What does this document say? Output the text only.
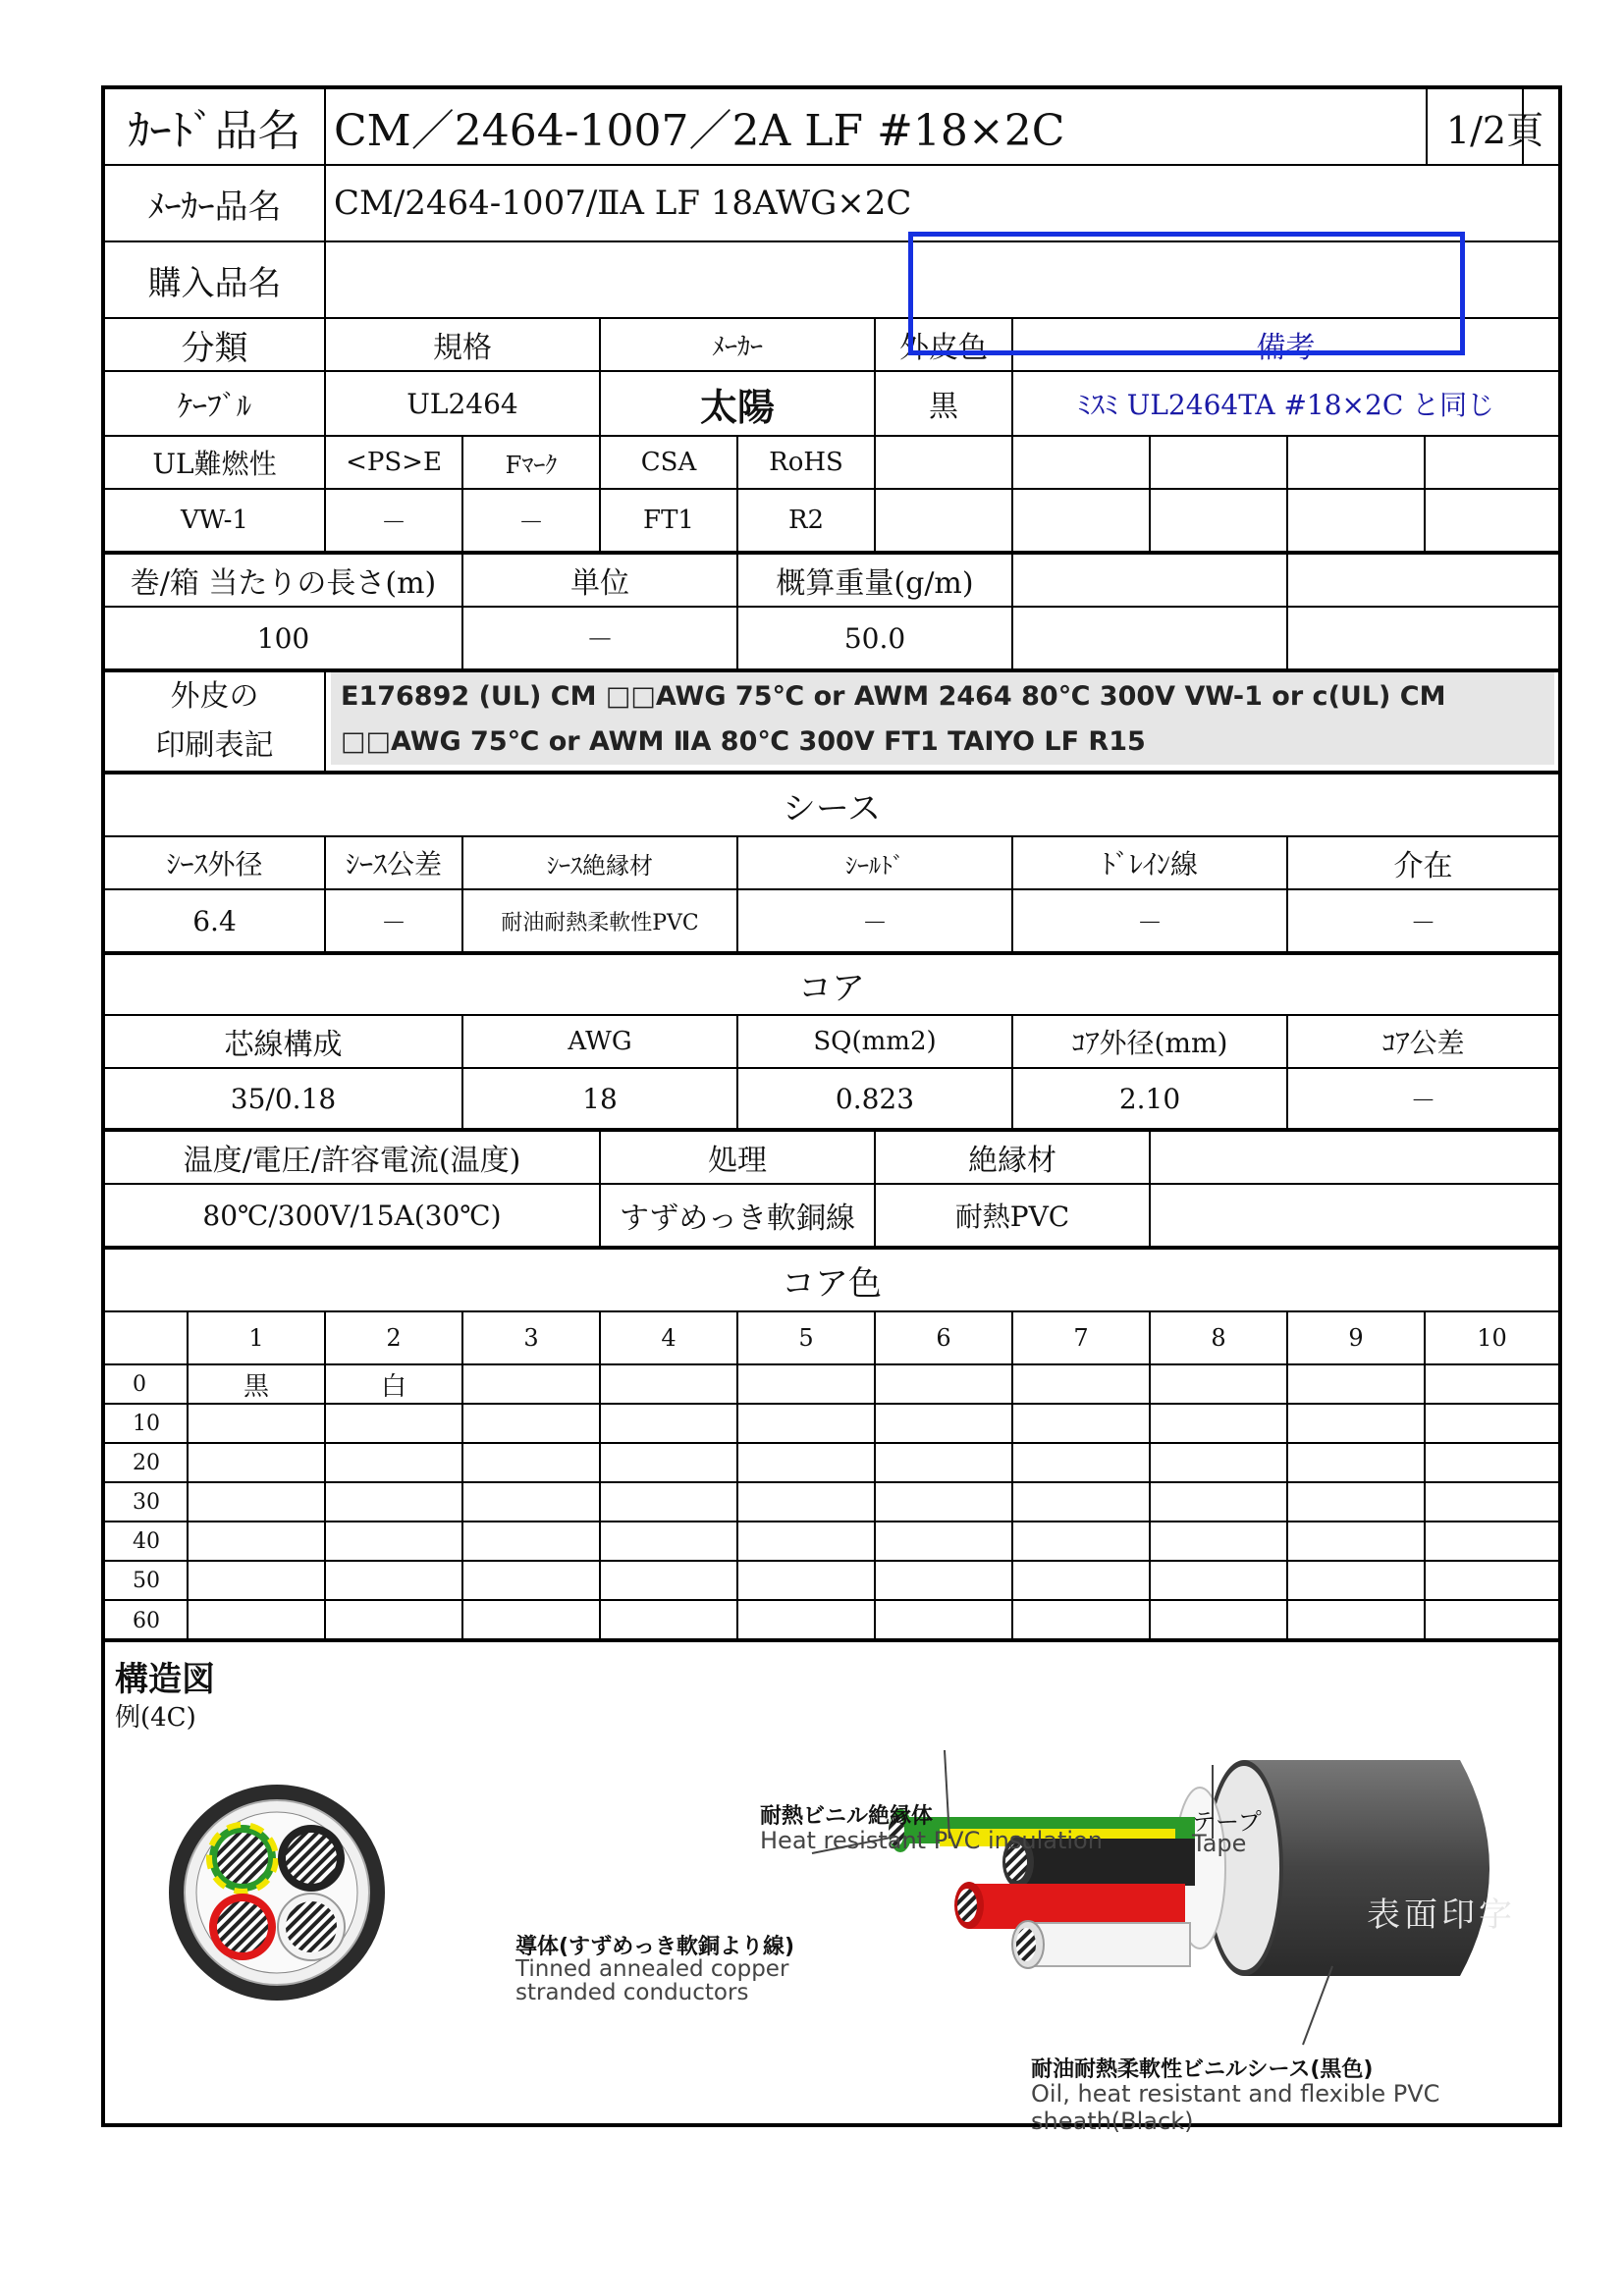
ｶｰﾄﾞ品名 CM／2464-1007／2A LF #18×2C	1/2頁
ﾒｰｶｰ品名	CM/2464-1007/ⅡA LF 18AWG×2C
購入品名
分類	規格	ﾒｰｶｰ	外皮色	備考
ｹｰﾌﾞﾙ	UL2464	太陽	黒	ﾐｽﾐ UL2464TA #18×2C と同じ
UL難燃性	<PS>E	Fﾏｰｸ	CSA	RoHS
VW-1	－	－	FT1	R2
巻/箱 当たりの長さ(m)	単位	概算重量(g/m)
100	－	50.0
外皮の
印刷表記
E176892 (UL) CM □□AWG 75℃ or AWM 2464 80℃ 300V VW-1 or c(UL) CM □□AWG 75℃ or AWM ⅡA 80℃ 300V FT1 TAIYO LF R15
シース
ｼｰｽ外径	ｼｰｽ公差	ｼｰｽ絶縁材	ｼｰﾙﾄﾞ	ﾄﾞﾚｲﾝ線	介在
6.4	－	耐油耐熱柔軟性PVC	－	－	－
コア
芯線構成	AWG	SQ(mm2)	ｺｱ外径(mm)	ｺｱ公差
35/0.18	18	0.823	2.10	－
温度/電圧/許容電流(温度)	処理	絶縁材
80℃/300V/15A(30℃)	すずめっき軟銅線	耐熱PVC
コア色
1	2	3	4	5	6	7	8	9	10
0	黒	白
10
20
30
40
50
60
構造図
例(4C)
耐熱ビニル絶縁体
Heat resistant PVC insulation
テープ
Tape
導体(すずめっき軟銅より線)
Tinned annealed copper
stranded conductors
表面印字
耐油耐熱柔軟性ビニルシース(黒色)
Oil, heat resistant and flexible PVC sheath(Black)
